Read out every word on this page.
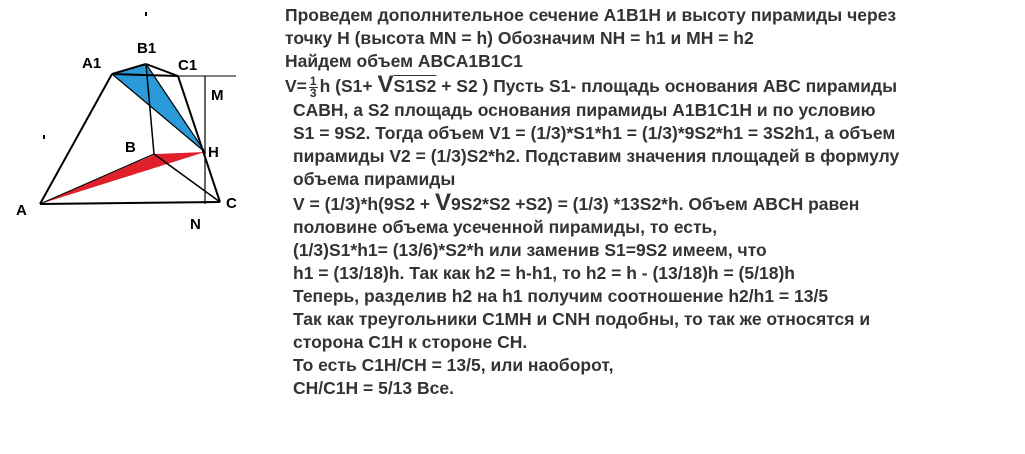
A1
B1
C1
M
B	H
A	C
N
Проведем дополнительное сечение A1B1H и высоту пирамиды через
точку H (высота MN = h) Обозначим NH = h1 и MH = h2
Найдем объем ABCA1B1C1
$V= \frac{1}{3}$ h (S1+ VS1S2 + S2 ) Пусть S1- площадь основания ABC пирамиды
CABH, а S2 площадь основания пирамиды A1B1C1H и по условию
S1 = 9S2. Тогда объем V1 = (1/3)*S1*h1 = (1/3)*9S2*h1 = 3S2h1, а объем
пирамиды V2 = (1/3)S2*h2. Подставим значения площадей в формулу
объема пирамиды
V = (1/3)*h(9S2 + V9S2*S2 +S2) = (1/3) *13S2*h. Объем ABCH равен
половине объема усеченной пирамиды, то есть,
(1/3)S1*h1= (13/6)*S2*h или заменив S1=9S2 имеем, что
h1 = (13/18)h. Так как h2 = h-h1, то h2 = h - (13/18)h = (5/18)h
Теперь, разделив h2 на h1 получим соотношение h2/h1 = 13/5
Так как треугольники C1MH и CNH подобны, то так же относятся и
сторона C1H к стороне CH.
То есть C1H/CH = 13/5, или наоборот,
CH/C1H = 5/13 Все.
